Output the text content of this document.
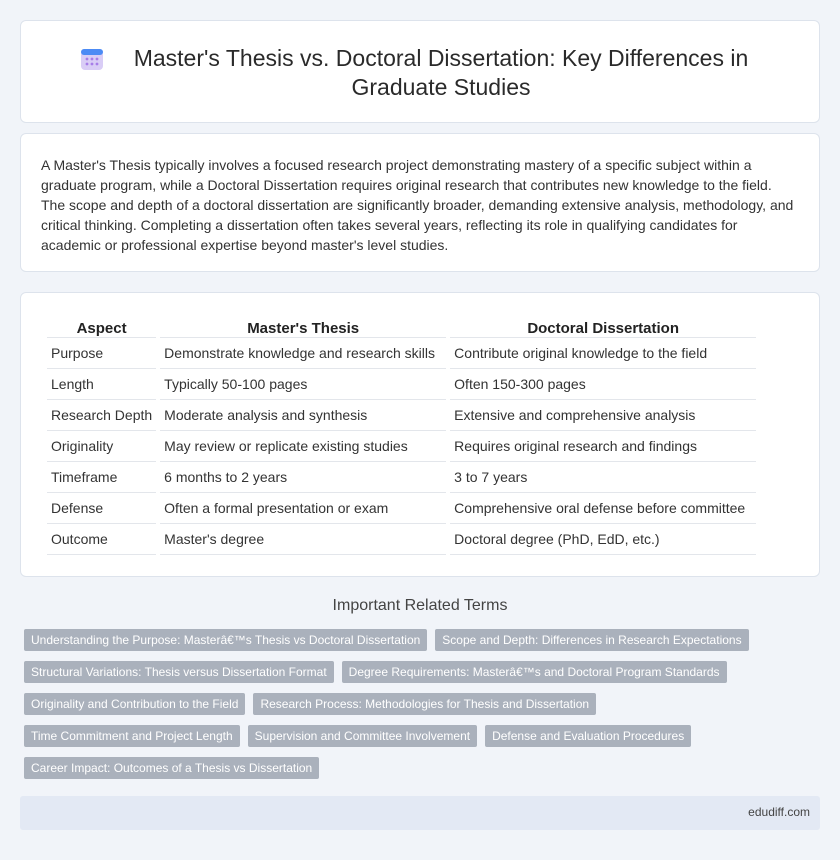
Master's Thesis vs. Doctoral Dissertation: Key Differences in Graduate Studies

A Master's Thesis typically involves a focused research project demonstrating mastery of a specific subject within a graduate program, while a Doctoral Dissertation requires original research that contributes new knowledge to the field. The scope and depth of a doctoral dissertation are significantly broader, demanding extensive analysis, methodology, and critical thinking. Completing a dissertation often takes several years, reflecting its role in qualifying candidates for academic or professional expertise beyond master's level studies.

Aspect	Master's Thesis	Doctoral Dissertation
Purpose	Demonstrate knowledge and research skills	Contribute original knowledge to the field
Length	Typically 50-100 pages	Often 150-300 pages
Research Depth	Moderate analysis and synthesis	Extensive and comprehensive analysis
Originality	May review or replicate existing studies	Requires original research and findings
Timeframe	6 months to 2 years	3 to 7 years
Defense	Often a formal presentation or exam	Comprehensive oral defense before committee
Outcome	Master's degree	Doctoral degree (PhD, EdD, etc.)
Important Related Terms
Understanding the Purpose: Masterâ€™s Thesis vs Doctoral Dissertation	Scope and Depth: Differences in Research Expectations
Structural Variations: Thesis versus Dissertation Format	Degree Requirements: Masterâ€™s and Doctoral Program Standards
Originality and Contribution to the Field	Research Process: Methodologies for Thesis and Dissertation
Time Commitment and Project Length	Supervision and Committee Involvement	Defense and Evaluation Procedures
Career Impact: Outcomes of a Thesis vs Dissertation
edudiff.com
